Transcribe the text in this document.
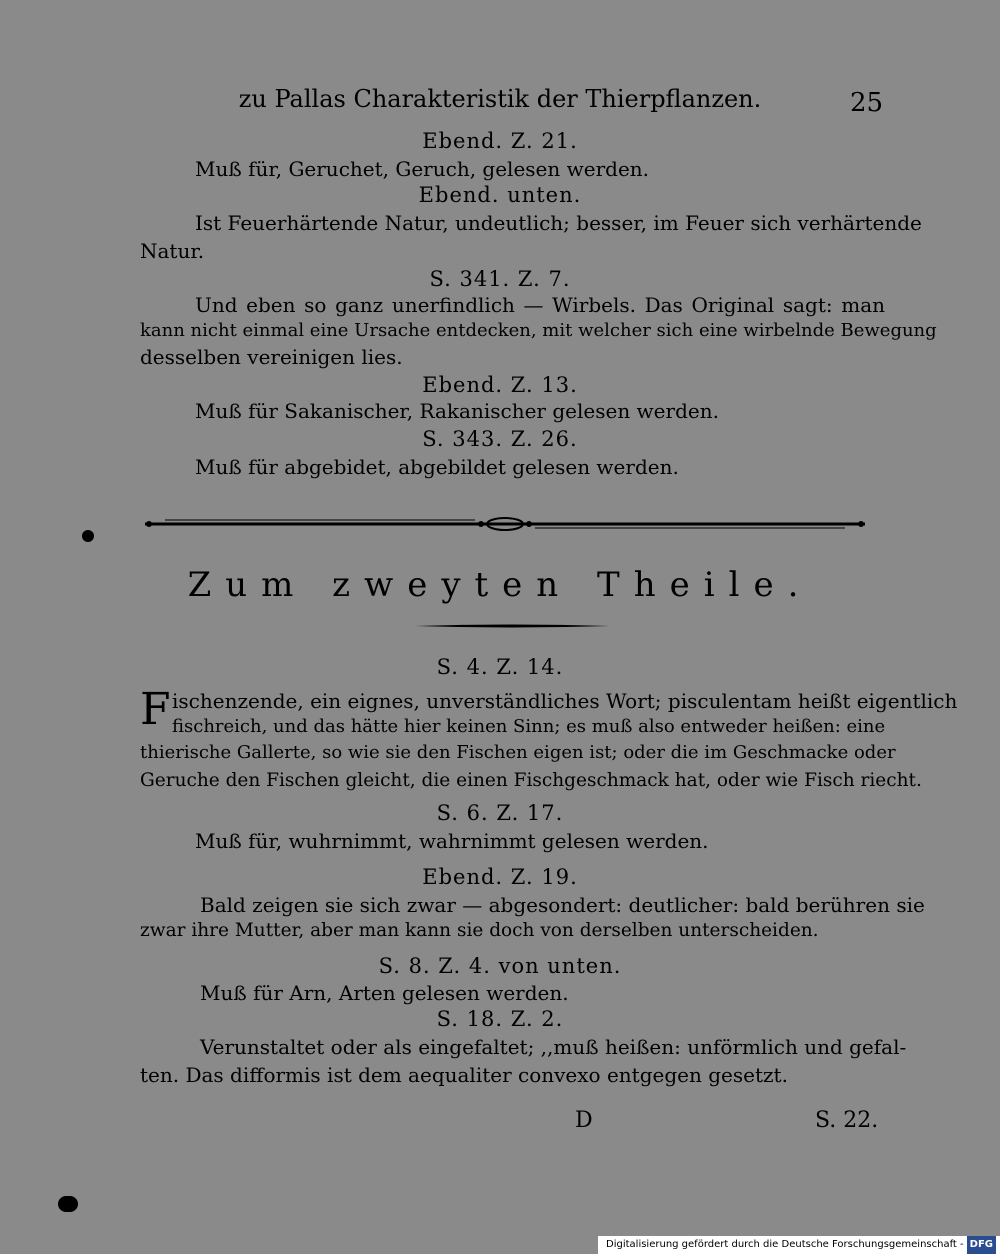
zu Pallas Charakteristik der Thierpflanzen.	25
Ebend. Z. 21.
Muß für, Geruchet, Geruch, gelesen werden.
Ebend. unten.
Ist Feuerhärtende Natur, undeutlich; besser, im Feuer sich verhärtende
Natur.
S. 341. Z. 7.
Und eben so ganz unerfindlich — Wirbels. Das Original sagt: man
kann nicht einmal eine Ursache entdecken, mit welcher sich eine wirbelnde Bewegung
desselben vereinigen lies.
Ebend. Z. 13.
Muß für Sakanischer, Rakanischer gelesen werden.
S. 343. Z. 26.
Muß für abgebidet, abgebildet gelesen werden.
Zum zweyten Theile.
S. 4. Z. 14.
F ischenzende, ein eignes, unverständliches Wort; pisculentam heißt eigentlich
fischreich, und das hätte hier keinen Sinn; es muß also entweder heißen: eine
thierische Gallerte, so wie sie den Fischen eigen ist; oder die im Geschmacke oder
Geruche den Fischen gleicht, die einen Fischgeschmack hat, oder wie Fisch riecht.
S. 6. Z. 17.
Muß für, wuhrnimmt, wahrnimmt gelesen werden.
Ebend. Z. 19.
Bald zeigen sie sich zwar — abgesondert: deutlicher: bald berühren sie
zwar ihre Mutter, aber man kann sie doch von derselben unterscheiden.
S. 8. Z. 4. von unten.
Muß für Arn, Arten gelesen werden.
S. 18. Z. 2.
Verunstaltet oder als eingefaltet; ,,muß heißen: unförmlich und gefal-
ten. Das difformis ist dem aequaliter convexo entgegen gesetzt.
D	S. 22.
Digitalisierung gefördert durch die Deutsche Forschungsgemeinschaft - DFG
